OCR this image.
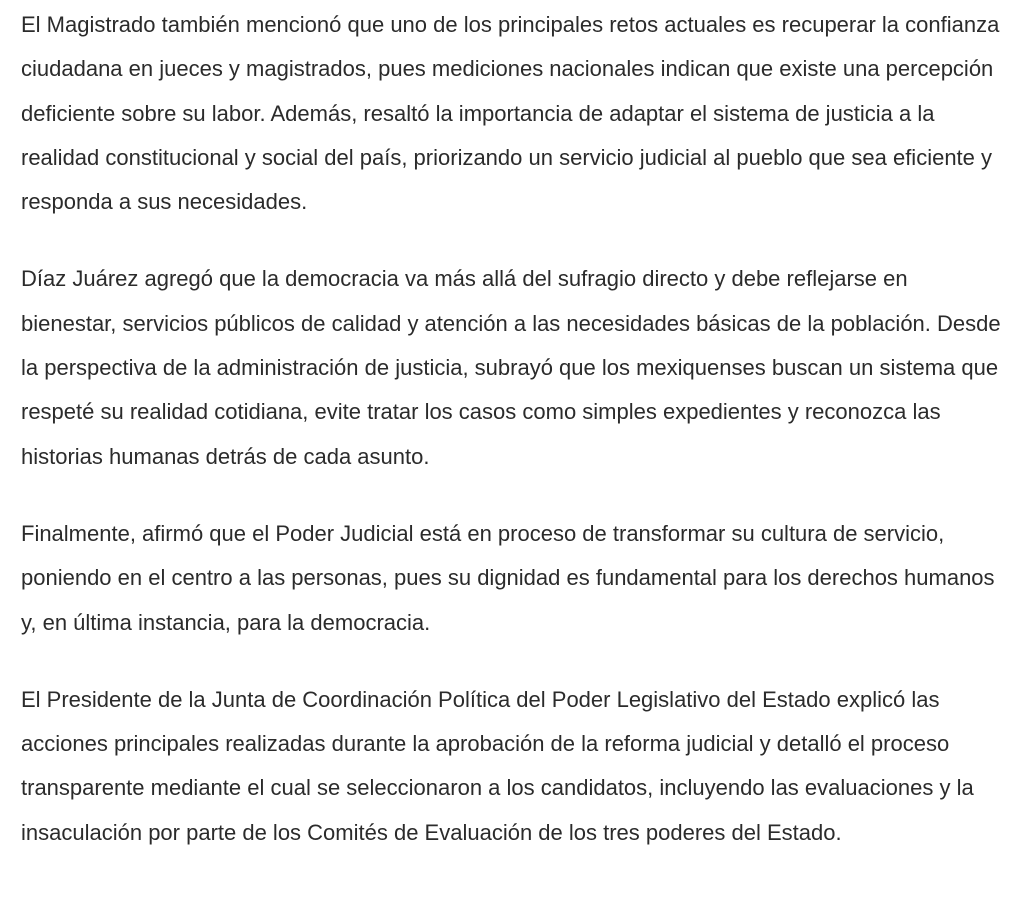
El Magistrado también mencionó que uno de los principales retos actuales es recuperar la confianza ciudadana en jueces y magistrados, pues mediciones nacionales indican que existe una percepción deficiente sobre su labor. Además, resaltó la importancia de adaptar el sistema de justicia a la realidad constitucional y social del país, priorizando un servicio judicial al pueblo que sea eficiente y responda a sus necesidades.

Díaz Juárez agregó que la democracia va más allá del sufragio directo y debe reflejarse en bienestar, servicios públicos de calidad y atención a las necesidades básicas de la población. Desde la perspectiva de la administración de justicia, subrayó que los mexiquenses buscan un sistema que respeté su realidad cotidiana, evite tratar los casos como simples expedientes y reconozca las historias humanas detrás de cada asunto.

Finalmente, afirmó que el Poder Judicial está en proceso de transformar su cultura de servicio, poniendo en el centro a las personas, pues su dignidad es fundamental para los derechos humanos y, en última instancia, para la democracia.

El Presidente de la Junta de Coordinación Política del Poder Legislativo del Estado explicó las acciones principales realizadas durante la aprobación de la reforma judicial y detalló el proceso transparente mediante el cual se seleccionaron a los candidatos, incluyendo las evaluaciones y la insaculación por parte de los Comités de Evaluación de los tres poderes del Estado.
